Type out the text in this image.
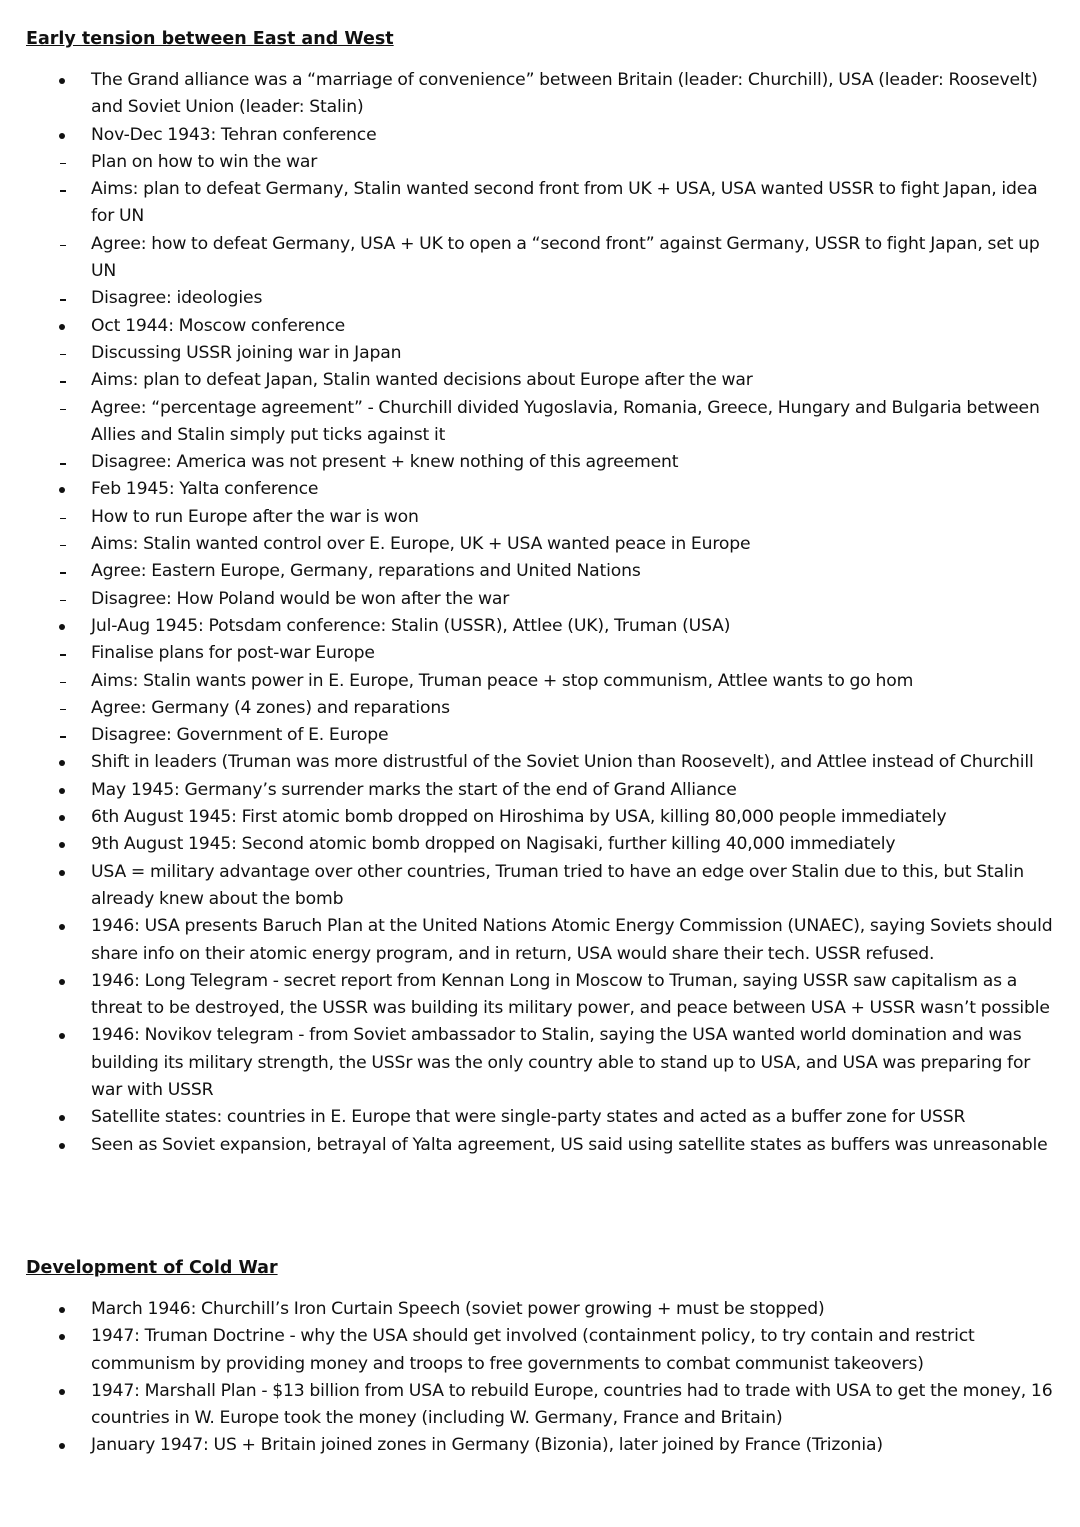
Early tension between East and West
The Grand alliance was a “marriage of convenience” between Britain (leader: Churchill), USA (leader: Roosevelt) and Soviet Union (leader: Stalin)
Nov-Dec 1943: Tehran conference
Plan on how to win the war
Aims: plan to defeat Germany, Stalin wanted second front from UK + USA, USA wanted USSR to fight Japan, idea for UN
Agree: how to defeat Germany, USA + UK to open a “second front” against Germany, USSR to fight Japan, set up UN
Disagree: ideologies
Oct 1944: Moscow conference
Discussing USSR joining war in Japan
Aims: plan to defeat Japan, Stalin wanted decisions about Europe after the war
Agree: “percentage agreement” - Churchill divided Yugoslavia, Romania, Greece, Hungary and Bulgaria between Allies and Stalin simply put ticks against it
Disagree: America was not present + knew nothing of this agreement
Feb 1945: Yalta conference
How to run Europe after the war is won
Aims: Stalin wanted control over E. Europe, UK + USA wanted peace in Europe
Agree: Eastern Europe, Germany, reparations and United Nations
Disagree: How Poland would be won after the war
Jul-Aug 1945: Potsdam conference: Stalin (USSR), Attlee (UK), Truman (USA)
Finalise plans for post-war Europe
Aims: Stalin wants power in E. Europe, Truman peace + stop communism, Attlee wants to go hom
Agree: Germany (4 zones) and reparations
Disagree: Government of E. Europe
Shift in leaders (Truman was more distrustful of the Soviet Union than Roosevelt), and Attlee instead of Churchill
May 1945: Germany’s surrender marks the start of the end of Grand Alliance
6th August 1945: First atomic bomb dropped on Hiroshima by USA, killing 80,000 people immediately
9th August 1945: Second atomic bomb dropped on Nagisaki, further killing 40,000 immediately
USA = military advantage over other countries, Truman tried to have an edge over Stalin due to this, but Stalin already knew about the bomb
1946: USA presents Baruch Plan at the United Nations Atomic Energy Commission (UNAEC), saying Soviets should share info on their atomic energy program, and in return, USA would share their tech. USSR refused.
1946: Long Telegram - secret report from Kennan Long in Moscow to Truman, saying USSR saw capitalism as a threat to be destroyed, the USSR was building its military power, and peace between USA + USSR wasn’t possible
1946: Novikov telegram - from Soviet ambassador to Stalin, saying the USA wanted world domination and was building its military strength, the USSr was the only country able to stand up to USA, and USA was preparing for war with USSR
Satellite states: countries in E. Europe that were single-party states and acted as a buffer zone for USSR
Seen as Soviet expansion, betrayal of Yalta agreement, US said using satellite states as buffers was unreasonable
Development of Cold War
March 1946: Churchill’s Iron Curtain Speech (soviet power growing + must be stopped)
1947: Truman Doctrine - why the USA should get involved (containment policy, to try contain and restrict communism by providing money and troops to free governments to combat communist takeovers)
1947: Marshall Plan - $13 billion from USA to rebuild Europe, countries had to trade with USA to get the money, 16 countries in W. Europe took the money (including W. Germany, France and Britain)
January 1947: US + Britain joined zones in Germany (Bizonia), later joined by France (Trizonia)
